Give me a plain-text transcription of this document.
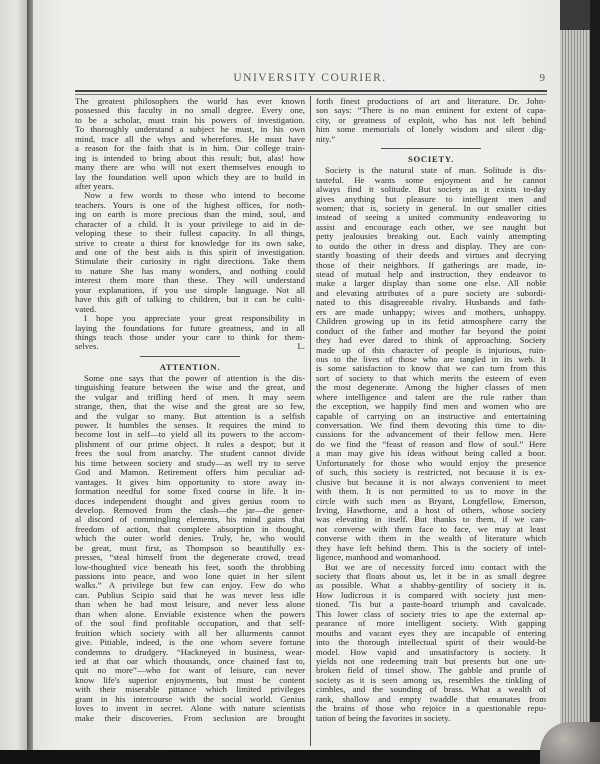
UNIVERSITY COURIER.	9
The greatest philosophers the world has ever known
possessed this faculty in no small degree. Every one,
to be a scholar, must train his powers of investigation.
To thoroughly understand a subject he must, in his own
mind, trace all the whys and wherefores. He must have
a reason for the faith that is in him. Our college train-
ing is intended to bring about this result; but, alas! how
many there are who will not exert themselves enough to
lay the foundation well upon which they are to build in
after years.
Now a few words to those who intend to become
teachers. Yours is one of the highest offices, for noth-
ing on earth is more precious than the mind, soul, and
character of a child. It is your privilege to aid in de-
veloping these to their fullest capacity. In all things,
strive to create a thirst for knowledge for its own sake,
and one of the best aids is this spirit of investigation.
Stimulate their curiosity in right directions. Take them
to nature She has many wonders, and nothing could
interest them more than these. They will understand
your explanations, if you use simple language. Not all
have this gift of talking to children, but it can be culti-
vated.
I hope you appreciate your great responsibility in
laying the foundations for future greatness, and in all
things teach those under your care to think for them-
selves.	L.
ATTENTION.
Some one says that the power of attention is the dis-
tinguishing feature between the wise and the great, and
the vulgar and trifling herd of men. It may seem
strange, then, that the wise and the great are so few,
and the vulgar so many. But attention is a selfish
power. It humbles the senses. It requires the mind to
become lost in self—to yield all its powers to the accom-
plishment of our prime object. It rules a despot; but it
frees the soul from anarchy. The student cannot divide
his time between society and study—as well try to serve
God and Mamon. Retirement offers him peculiar ad-
vantages. It gives him opportunity to store away in-
formation needful for some fixed course in life. It in-
duces independent thought and gives genius room to
develop. Removed from the clash—the jar—the gener-
al discord of commingling elements, his mind gains that
freedom of action, that complete absorption in thought,
which the outer world denies. Truly, he, who would
be great, must first, as Thompson so beautifully ex-
presses, “steal himself from the degenerate crowd, tread
low-thoughted vice beneath his feet, sooth the throbbing
passions into peace, and woo lone quiet in her silent
walks.” A privilege but few can enjoy. Few do who
can. Publius Scipio said that he was never less idle
than when he had most leisure, and never less alone
than when alone. Enviable existence when the powers
of the soul find profitable occupation, and that self-
fruition which society with all her allurments cannot
give. Pitiable, indeed, is the one whom severe fortune
condemns to drudgery. “Hackneyed in business, wear-
ied at that oar which thousands, once chained fast to,
quit no more”—who for want of leisure, can never
know life's superior enjoyments, but must be content
with their miserable pittance which limited privileges
grant in his intercourse with the social world. Genius
loves to invent in secret. Alone with nature scientists
make their discoveries. From seclusion are brought
forth finest productions of art and literature. Dr. John-
son says: “There is no man eminent for extent of capa-
city, or greatness of exploit, who has not left behind
him some memorials of lonely wisdom and silent dig-
nity.”
SOCIETY.
Society is the natural state of man. Solitude is dis-
tasteful. He wants some enjoyment and he cannot
always find it solitude. But society as it exists to-day
gives anything but pleasure to intelligent men and
women; that is, society in general. In our smaller cities
instead of seeing a united community endeavoring to
assist and encourage each other, we see naught but
petty jealousies breaking out. Each vainly attempting
to outdo the other in dress and display. They are con-
stantly boasting of their deeds and virtues and decrying
those of their neighbors. If gatherings are made, in-
stead of mutual help and instruction, they endeavor to
make a larger display than some one else. All noble
and elevating attributes of a pure society are subordi-
nated to this disagreeable rivalry. Husbands and fath-
ers are made unhappy; wives and mothers, unhappy.
Children growing up in its fetid atmosphere carry the
conduct of the father and mother far beyond the point
they had ever dared to think of approaching. Society
made up of this character of people is injurious, ruin-
ous to the lives of those who are tangled in its web. It
is some satisfaction to know that we can turn from this
sort of society to that which merits the esteem of even
the most degenerate. Among the higher classes of men
where intelligence and talent are the rule rather than
the exception, we happily find men and women who are
capable of carrying on an instructive and entertaining
conversation. We find them devoting this time to dis-
cussions for the advancement of their fellow men. Here
do we find the “feast of reason and flow of soul.” Here
a man may give his ideas without being called a boor.
Unfortunately for those who would enjoy the presence
of such, this society is restricted, not because it is ex-
clusive but because it is not always convenient to meet
with them. It is not permitted to us to move in the
circle with such men as Bryant, Longfellow, Emerson,
Irving, Hawthorne, and a host of others, whose society
was elevating in itself. But thanks to them, if we can-
not converse with them face to face, we may at least
converse with them in the wealth of literature which
they have left behind them. This is the society of intel-
ligence, manhood and womanhood.
But we are of necessity forced into contact with the
society that floats about us, let it be in as small degree
as possible. What a shabby-gentility of society it is.
How ludicrous it is compared with society just men-
tioned. 'Tis but a paste-board triumph and cavalcade.
This lower class of society tries to ape the external ap-
pearance of more intelligent society. With gapping
mouths and vacant eyes they are incapable of entering
into the thorough intellectual spirit of their would-be
model. How vapid and unsatisfactory is society. It
yields not one redeeming trait but presents but one un-
broken field of tinsel show. The gabble and prattle of
society as it is seen among us, resembles the tinkling of
cimbles, and the sounding of brass. What a wealth of
rank, shallow and empty twaddle that emanates from
the brains of those who rejoice in a questionable repu-
tation of being the favorites in society.
